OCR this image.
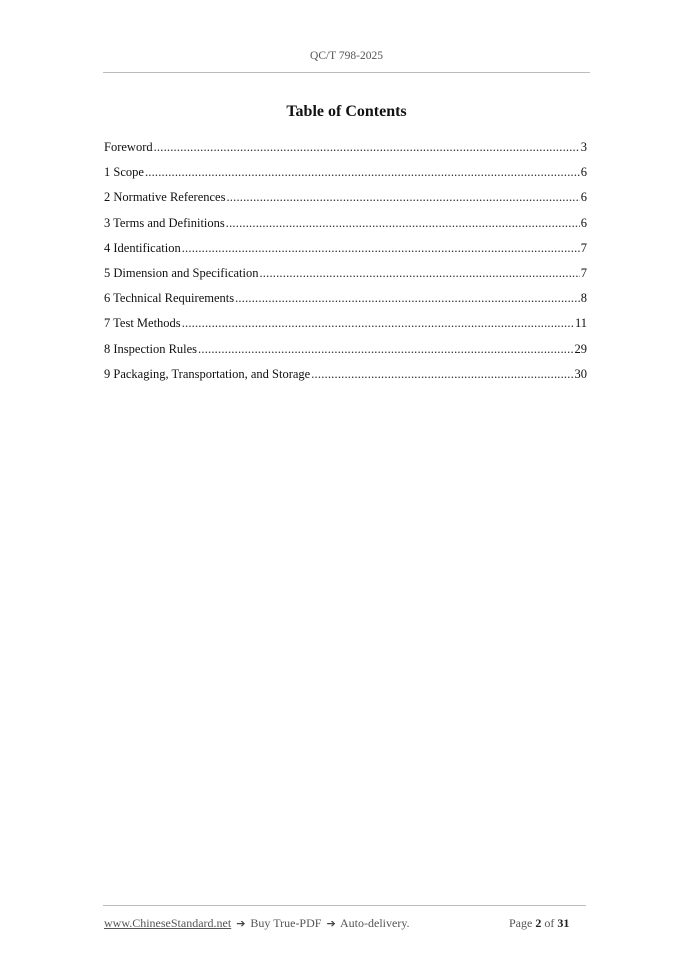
QC/T 798-2025
Table of Contents
Foreword .....	3
1 Scope .....	6
2 Normative References .....	6
3 Terms and Definitions .....	6
4 Identification .....	7
5 Dimension and Specification .....	7
6 Technical Requirements .....	8
7 Test Methods .....	11
8 Inspection Rules .....	29
9 Packaging, Transportation, and Storage .....	30
www.ChineseStandard.net ➔ Buy True-PDF ➔ Auto-delivery.	Page 2 of 31
